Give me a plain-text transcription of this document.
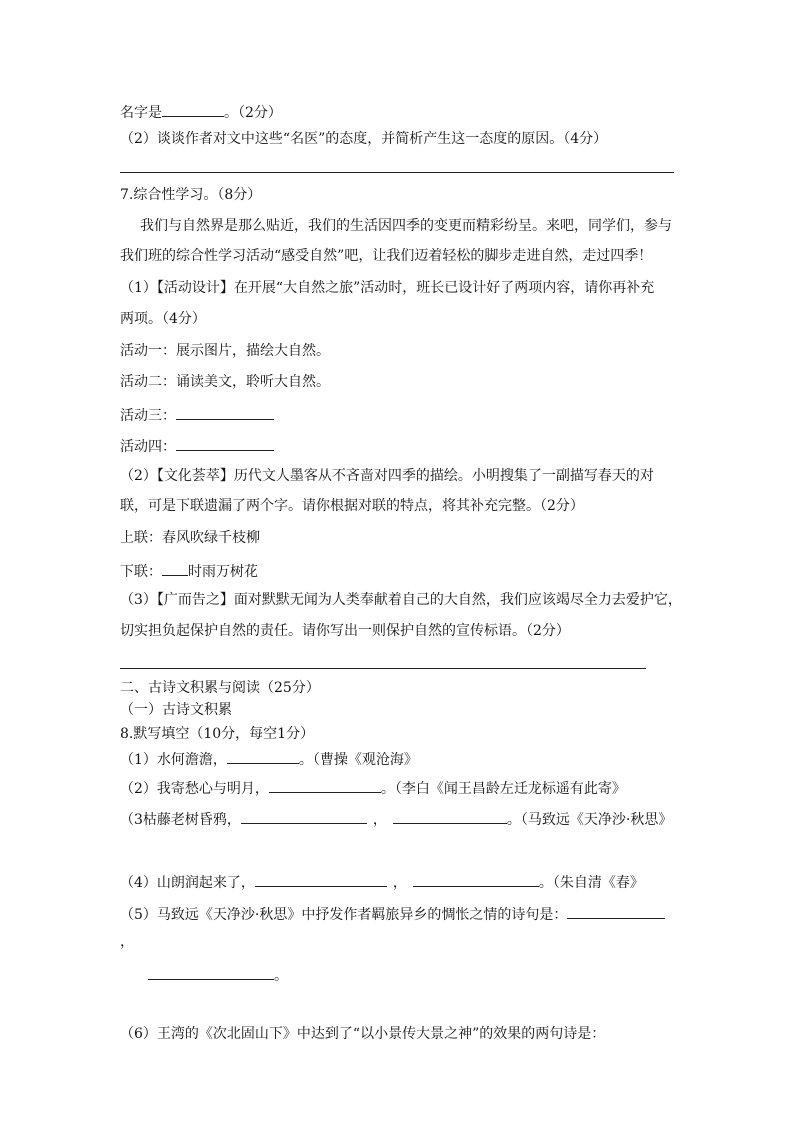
名字是	。（2分）
（2）谈谈作者对文中这些“名医”的态度，并简析产生这一态度的原因。（4分）
7.综合性学习。（8分）
我们与自然界是那么贴近，我们的生活因四季的变更而精彩纷呈。来吧，同学们，参与
我们班的综合性学习活动“感受自然”吧，让我们迈着轻松的脚步走进自然，走过四季！
（1）【活动设计】在开展“大自然之旅”活动时，班长已设计好了两项内容，请你再补充
两项。（4分）
活动一：展示图片，描绘大自然。
活动二：诵读美文，聆听大自然。
活动三：
活动四：
（2）【文化荟萃】历代文人墨客从不吝啬对四季的描绘。小明搜集了一副描写春天的对
联，可是下联遗漏了两个字。请你根据对联的特点，将其补充完整。（2分）
上联：春风吹绿千枝柳
下联： 时雨万树花
（3）【广而告之】面对默默无闻为人类奉献着自己的大自然，我们应该竭尽全力去爱护它，
切实担负起保护自然的责任。请你写出一则保护自然的宣传标语。（2分）
二、古诗文积累与阅读（25分）
（一）古诗文积累
8.默写填空（10分，每空1分）
（1）水何澹澹，	。（曹操《观沧海》
（2）我寄愁心与明月，	。（李白《闻王昌龄左迁龙标遥有此寄》
（3枯藤老树昏鸦，	，	。（马致远《天净沙·秋思》
（4）山朗润起来了，	，	。（朱自清《春》
（5）马致远《天净沙·秋思》中抒发作者羁旅异乡的惆怅之情的诗句是：
，
。
（6）王湾的《次北固山下》中达到了“以小景传大景之神”的效果的两句诗是：
